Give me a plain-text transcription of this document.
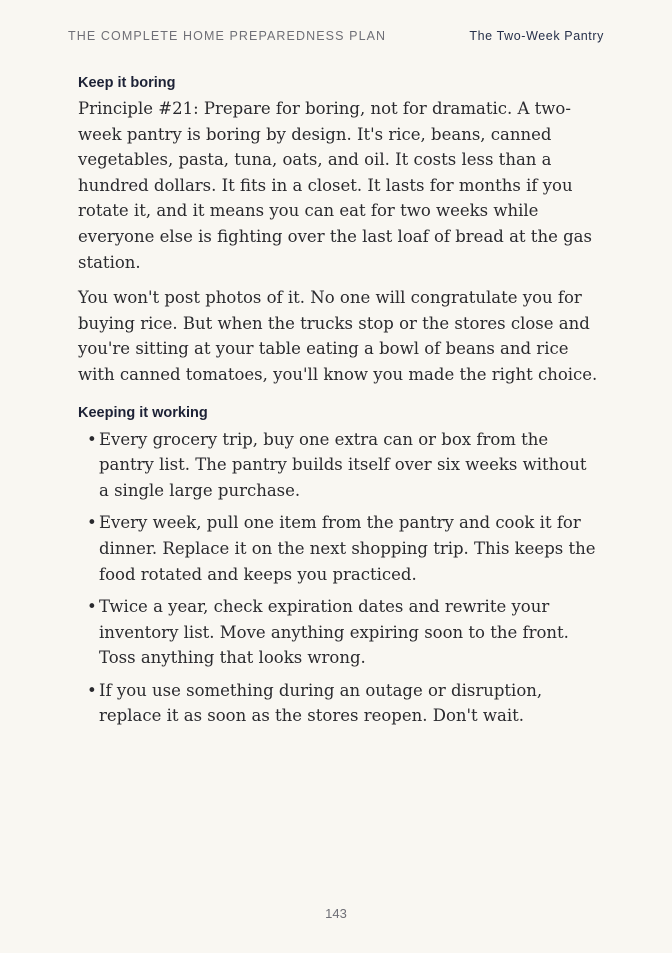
THE COMPLETE HOME PREPAREDNESS PLAN	The Two-Week Pantry
Keep it boring

Principle #21: Prepare for boring, not for dramatic. A two-week pantry is boring by design. It's rice, beans, canned vegetables, pasta, tuna, oats, and oil. It costs less than a hundred dollars. It fits in a closet. It lasts for months if you rotate it, and it means you can eat for two weeks while everyone else is fighting over the last loaf of bread at the gas station.

You won't post photos of it. No one will congratulate you for buying rice. But when the trucks stop or the stores close and you're sitting at your table eating a bowl of beans and rice with canned tomatoes, you'll know you made the right choice.

Keeping it working
• Every grocery trip, buy one extra can or box from the pantry list. The pantry builds itself over six weeks without a single large purchase.
• Every week, pull one item from the pantry and cook it for dinner. Replace it on the next shopping trip. This keeps the food rotated and keeps you practiced.
• Twice a year, check expiration dates and rewrite your inventory list. Move anything expiring soon to the front. Toss anything that looks wrong.
• If you use something during an outage or disruption, replace it as soon as the stores reopen. Don't wait.
143
